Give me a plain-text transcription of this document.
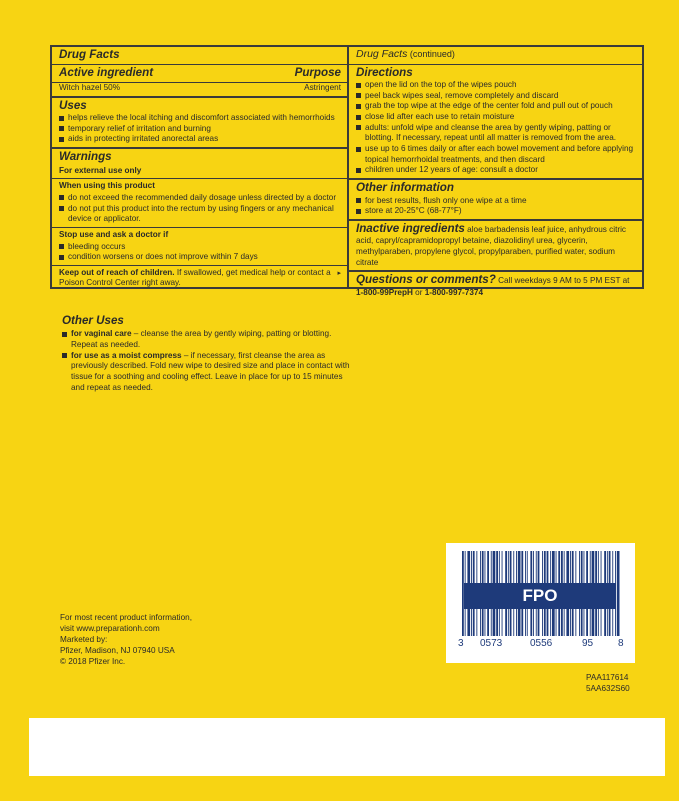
Drug Facts
Active ingredient	Purpose
Witch hazel 50%	Astringent
Uses
helps relieve the local itching and discomfort associated with hemorrhoids
temporary relief of irritation and burning
aids in protecting irritated anorectal areas
Warnings
For external use only
When using this product
do not exceed the recommended daily dosage unless directed by a doctor
do not put this product into the rectum by using fingers or any mechanical device or applicator.
Stop use and ask a doctor if
bleeding occurs
condition worsens or does not improve within 7 days
Keep out of reach of children. If swallowed, get medical help or contact a Poison Control Center right away.
▸
Drug Facts (continued)
Directions
open the lid on the top of the wipes pouch
peel back wipes seal, remove completely and discard
grab the top wipe at the edge of the center fold and pull out of pouch
close lid after each use to retain moisture
adults: unfold wipe and cleanse the area by gently wiping, patting or blotting. If necessary, repeat until all matter is removed from the area.
use up to 6 times daily or after each bowel movement and before applying topical hemorrhoidal treatments, and then discard
children under 12 years of age: consult a doctor
Other information
for best results, flush only one wipe at a time
store at 20-25°C (68-77°F)
Inactive ingredients aloe barbadensis leaf juice, anhydrous citric acid, capryl/capramidopropyl betaine, diazolidinyl urea, glycerin, methylparaben, propylene glycol, propylparaben, purified water, sodium citrate
Questions or comments? Call weekdays 9 AM to 5 PM EST at
1-800-99PrepH or 1-800-997-7374
Other Uses
for vaginal care – cleanse the area by gently wiping, patting or blotting. Repeat as needed.
for use as a moist compress – if necessary, first cleanse the area as previously described. Fold new wipe to desired size and place in contact with tissue for a soothing and cooling effect. Leave in place for up to 15 minutes and repeat as needed.
For most recent product information,
visit www.preparationh.com
Marketed by:
Pfizer, Madison, NJ 07940 USA
© 2018 Pfizer Inc.
FPO
3 0573	0556	95 8
PAA117614
5AA632S60
